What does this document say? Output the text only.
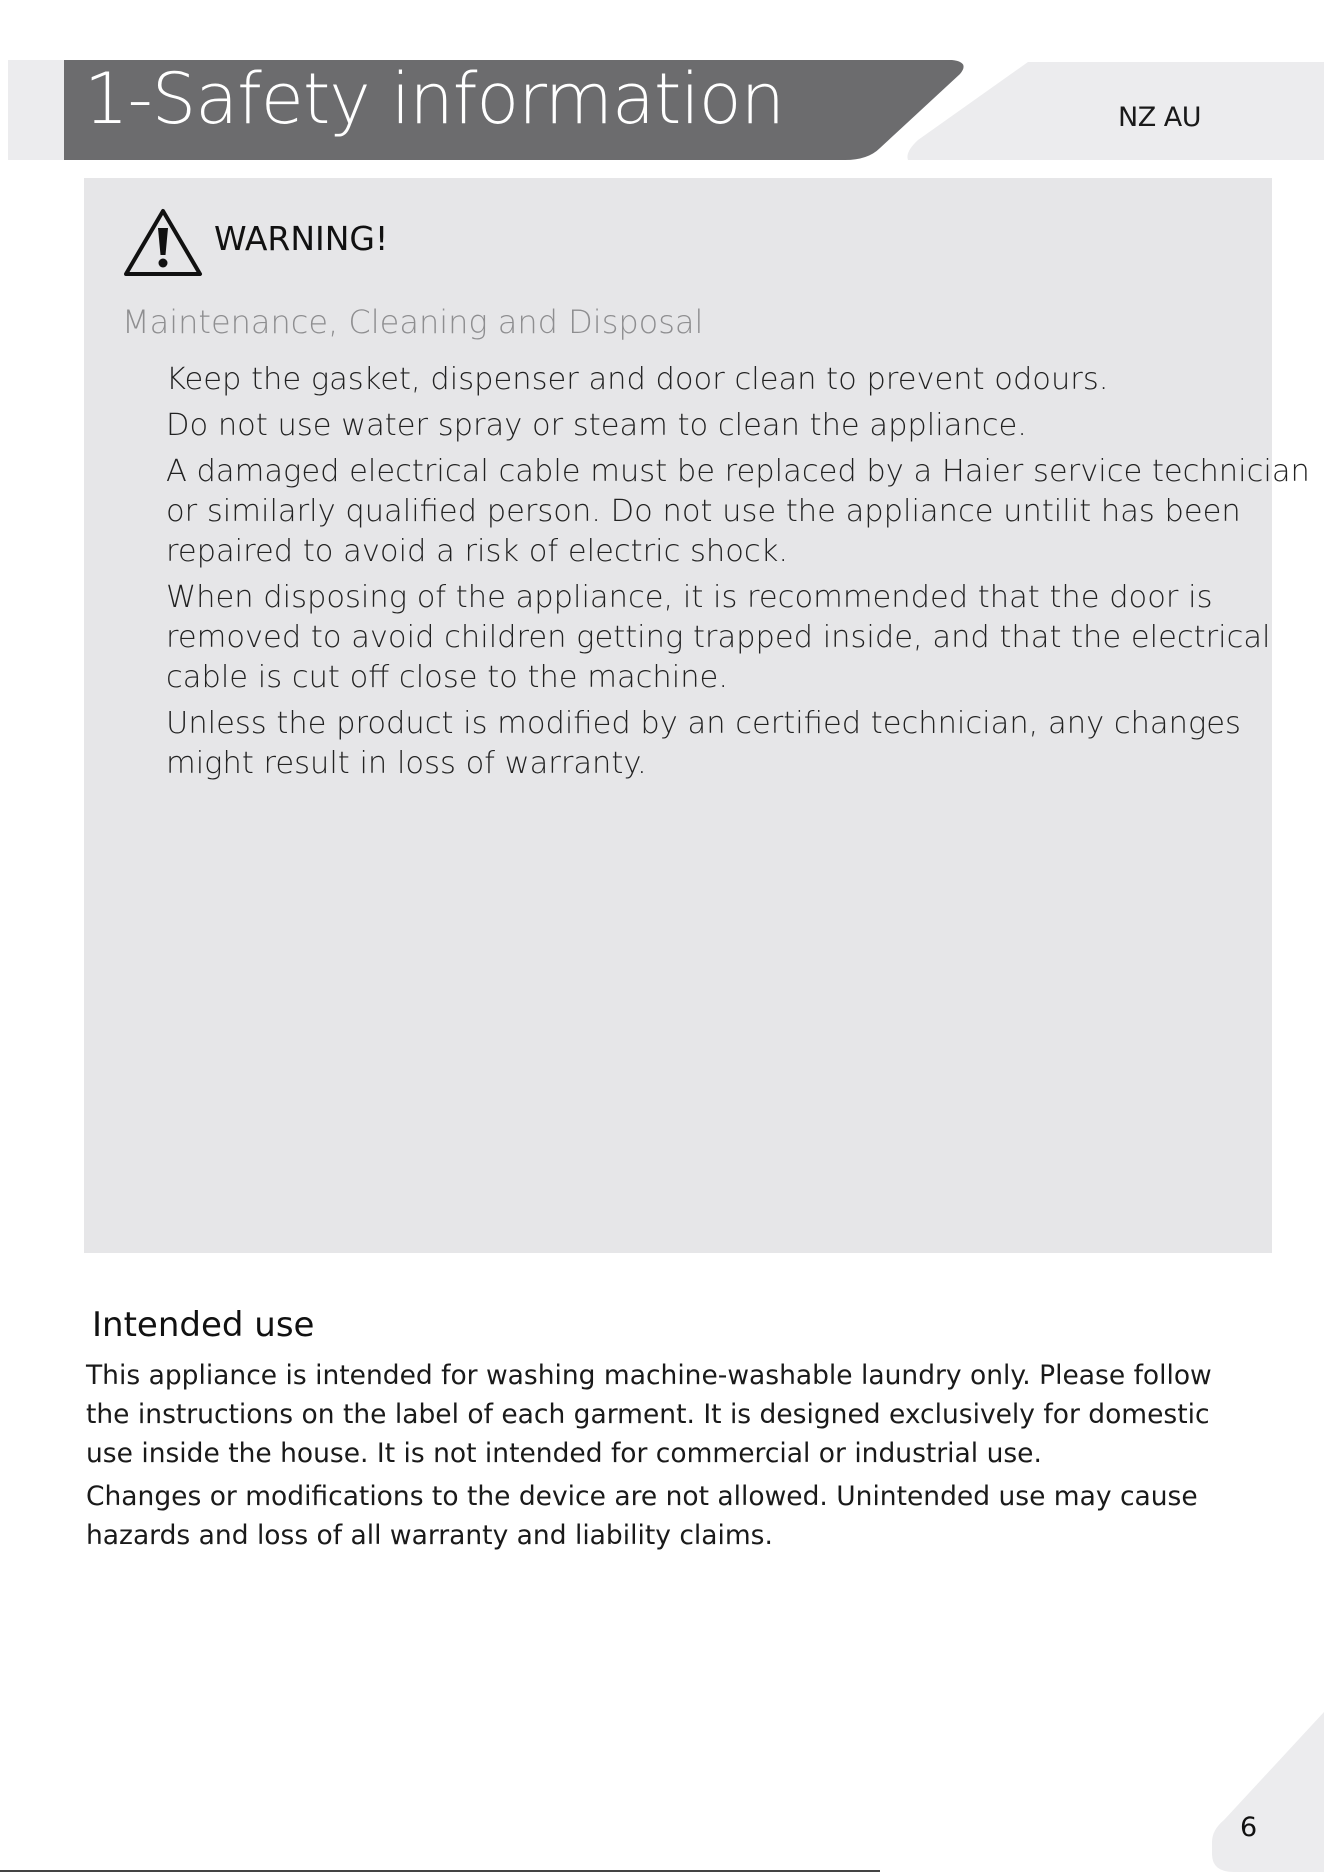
1-Safety information	NZ AU
WARNING!
Maintenance, Cleaning and Disposal

Keep the gasket, dispenser and door clean to prevent odours.

Do not use water spray or steam to clean the appliance.

A damaged electrical cable must be replaced by a Haier service technician or similarly qualified person. Do not use the appliance untilit has been repaired to avoid a risk of electric shock.

When disposing of the appliance, it is recommended that the door is removed to avoid children getting trapped inside, and that the electrical cable is cut off close to the machine.

Unless the product is modified by an certified technician, any changes might result in loss of warranty.

Intended use

This appliance is intended for washing machine-washable laundry only. Please follow the instructions on the label of each garment. It is designed exclusively for domestic use inside the house. It is not intended for commercial or industrial use.

Changes or modifications to the device are not allowed. Unintended use may cause hazards and loss of all warranty and liability claims.

6
